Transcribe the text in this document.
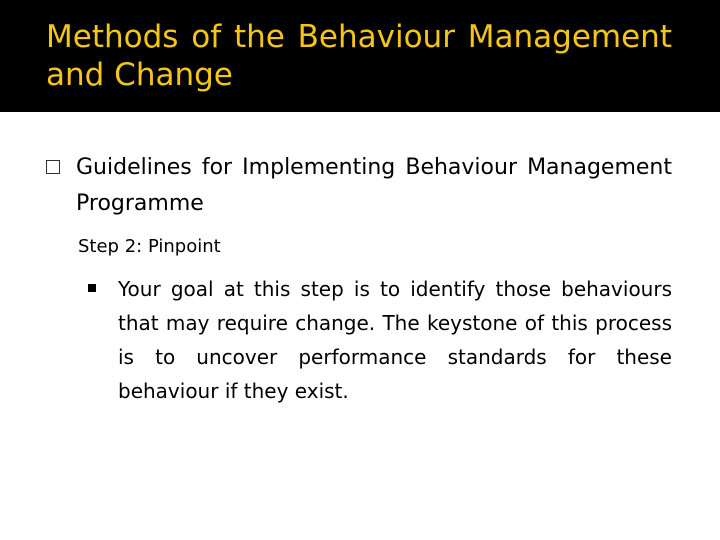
Methods of the Behaviour Management and Change
Guidelines for Implementing Behaviour Management Programme
Step 2: Pinpoint
Your goal at this step is to identify those behaviours that may require change. The keystone of this process is to uncover performance standards for these behaviour if they exist.
